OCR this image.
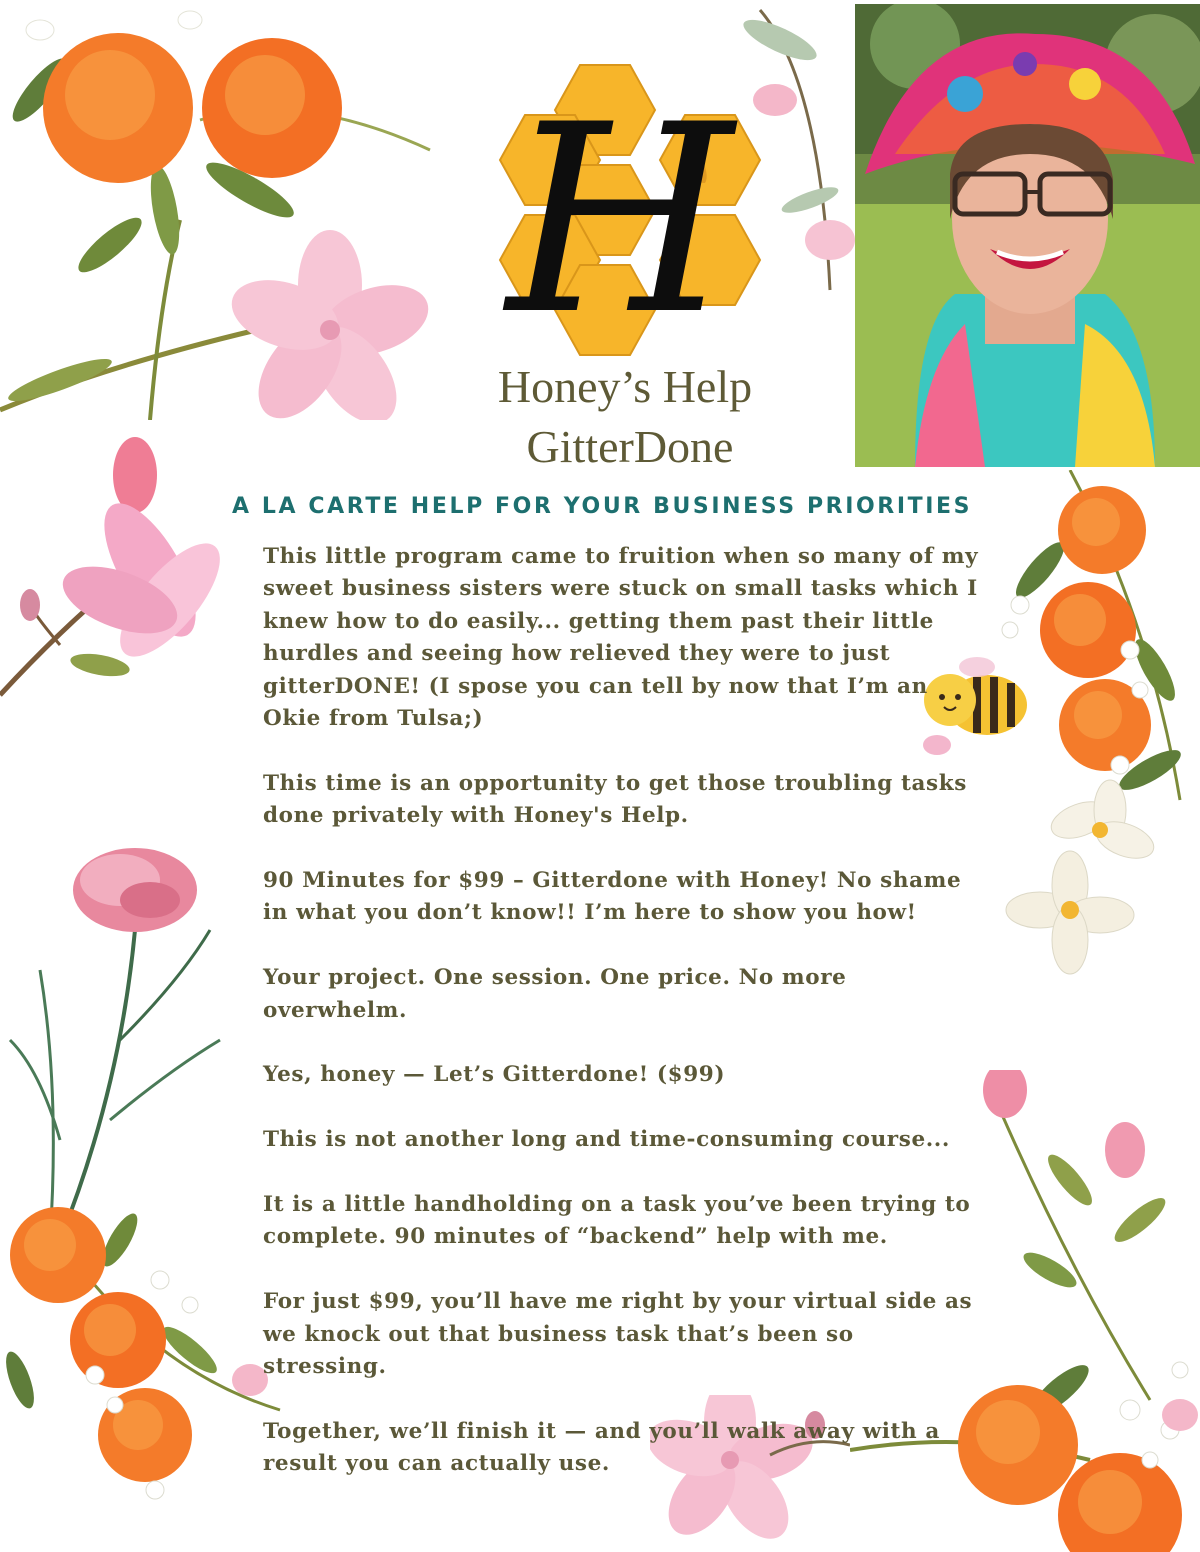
H
Honey’s Help
GitterDone
A LA CARTE HELP FOR YOUR BUSINESS PRIORITIES

This little program came to fruition when so many of my sweet business sisters were stuck on small tasks which I knew how to do easily... getting them past their little hurdles and seeing how relieved they were to just gitterDONE! (I spose you can tell by now that I’m an Okie from Tulsa;)

This time is an opportunity to get those troubling tasks done privately with Honey's Help.

90 Minutes for $99 – Gitterdone with Honey! No shame in what you don’t know!! I’m here to show you how!

Your project. One session. One price. No more overwhelm.

Yes, honey — Let’s Gitterdone! ($99)

This is not another long and time-consuming course...

It is a little handholding on a task you’ve been trying to complete. 90 minutes of “backend” help with me.

For just $99, you’ll have me right by your virtual side as we knock out that business task that’s been so stressing.

Together, we’ll finish it — and you’ll walk away with a result you can actually use.
